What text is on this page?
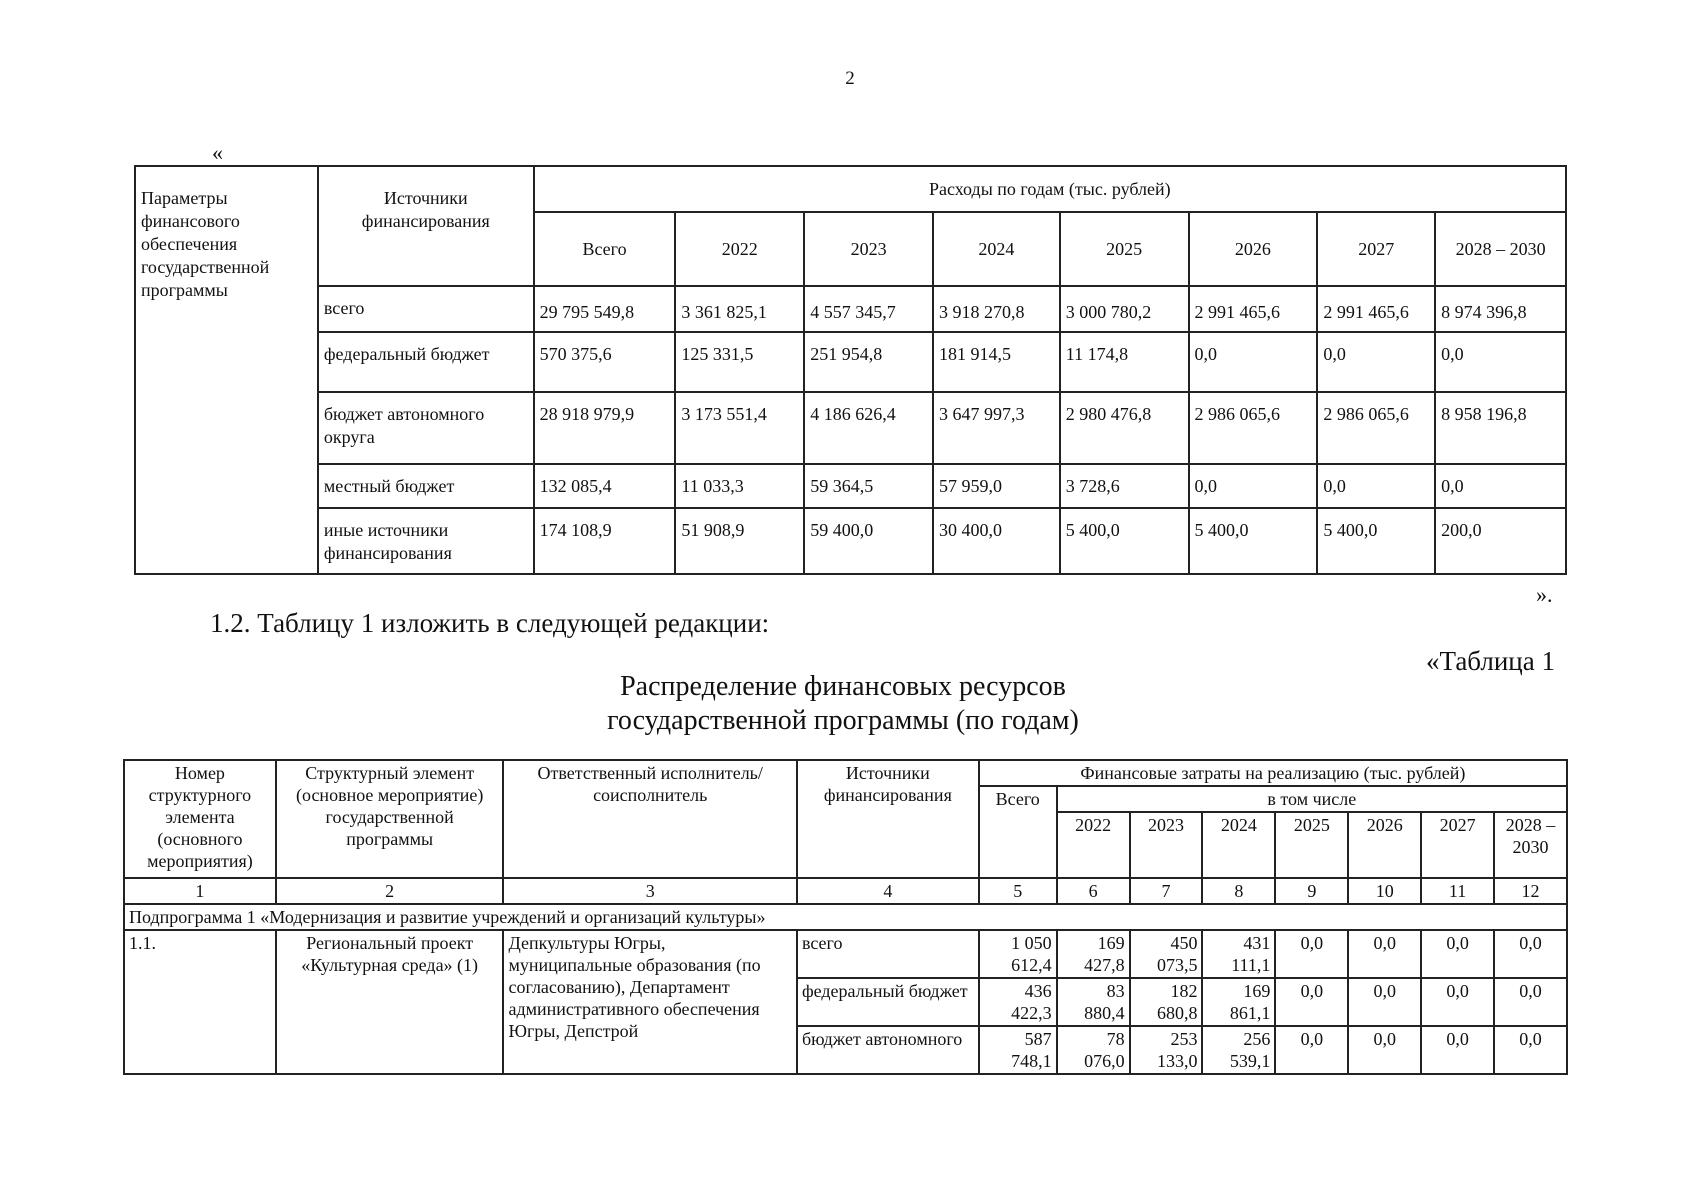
2
«
Параметры финансового обеспечения государственной программы	Источники финансирования	Расходы по годам (тыс. рублей)							
		Всего	2022	2023	2024	2025	2026	2027	2028 – 2030
	всего	29 795 549,8	3 361 825,1	4 557 345,7	3 918 270,8	3 000 780,2	2 991 465,6	2 991 465,6	8 974 396,8
	федеральный бюджет	570 375,6	125 331,5	251 954,8	181 914,5	11 174,8	0,0	0,0	0,0
	бюджет автономного округа	28 918 979,9	3 173 551,4	4 186 626,4	3 647 997,3	2 980 476,8	2 986 065,6	2 986 065,6	8 958 196,8
	местный бюджет	132 085,4	11 033,3	59 364,5	57 959,0	3 728,6	0,0	0,0	0,0
	иные источники финансирования	174 108,9	51 908,9	59 400,0	30 400,0	5 400,0	5 400,0	5 400,0	200,0
».
1.2. Таблицу 1 изложить в следующей редакции:
«Таблица 1
Распределение финансовых ресурсов
государственной программы (по годам)
Номер структурного элемента (основного мероприятия)	Структурный элемент (основное мероприятие) государственной программы	Ответственный исполнитель/соисполнитель	Источники финансирования	Финансовые затраты на реализацию (тыс. рублей)							
				Всего	в том числе						
					2022	2023	2024	2025	2026	2027	2028 – 2030
1	2	3	4	5	6	7	8	9	10	11	12
Подпрограмма 1 «Модернизация и развитие учреждений и организаций культуры»											
1.1.	Региональный проект «Культурная среда» (1)	Депкультуры Югры, муниципальные образования (по согласованию), Департамент административного обеспечения Югры, Депстрой	всего	1 050 612,4	169 427,8	450 073,5	431 111,1	0,0	0,0	0,0	0,0
			федеральный бюджет	436 422,3	83 880,4	182 680,8	169 861,1	0,0	0,0	0,0	0,0
			бюджет автономного	587 748,1	78 076,0	253 133,0	256 539,1	0,0	0,0	0,0	0,0
